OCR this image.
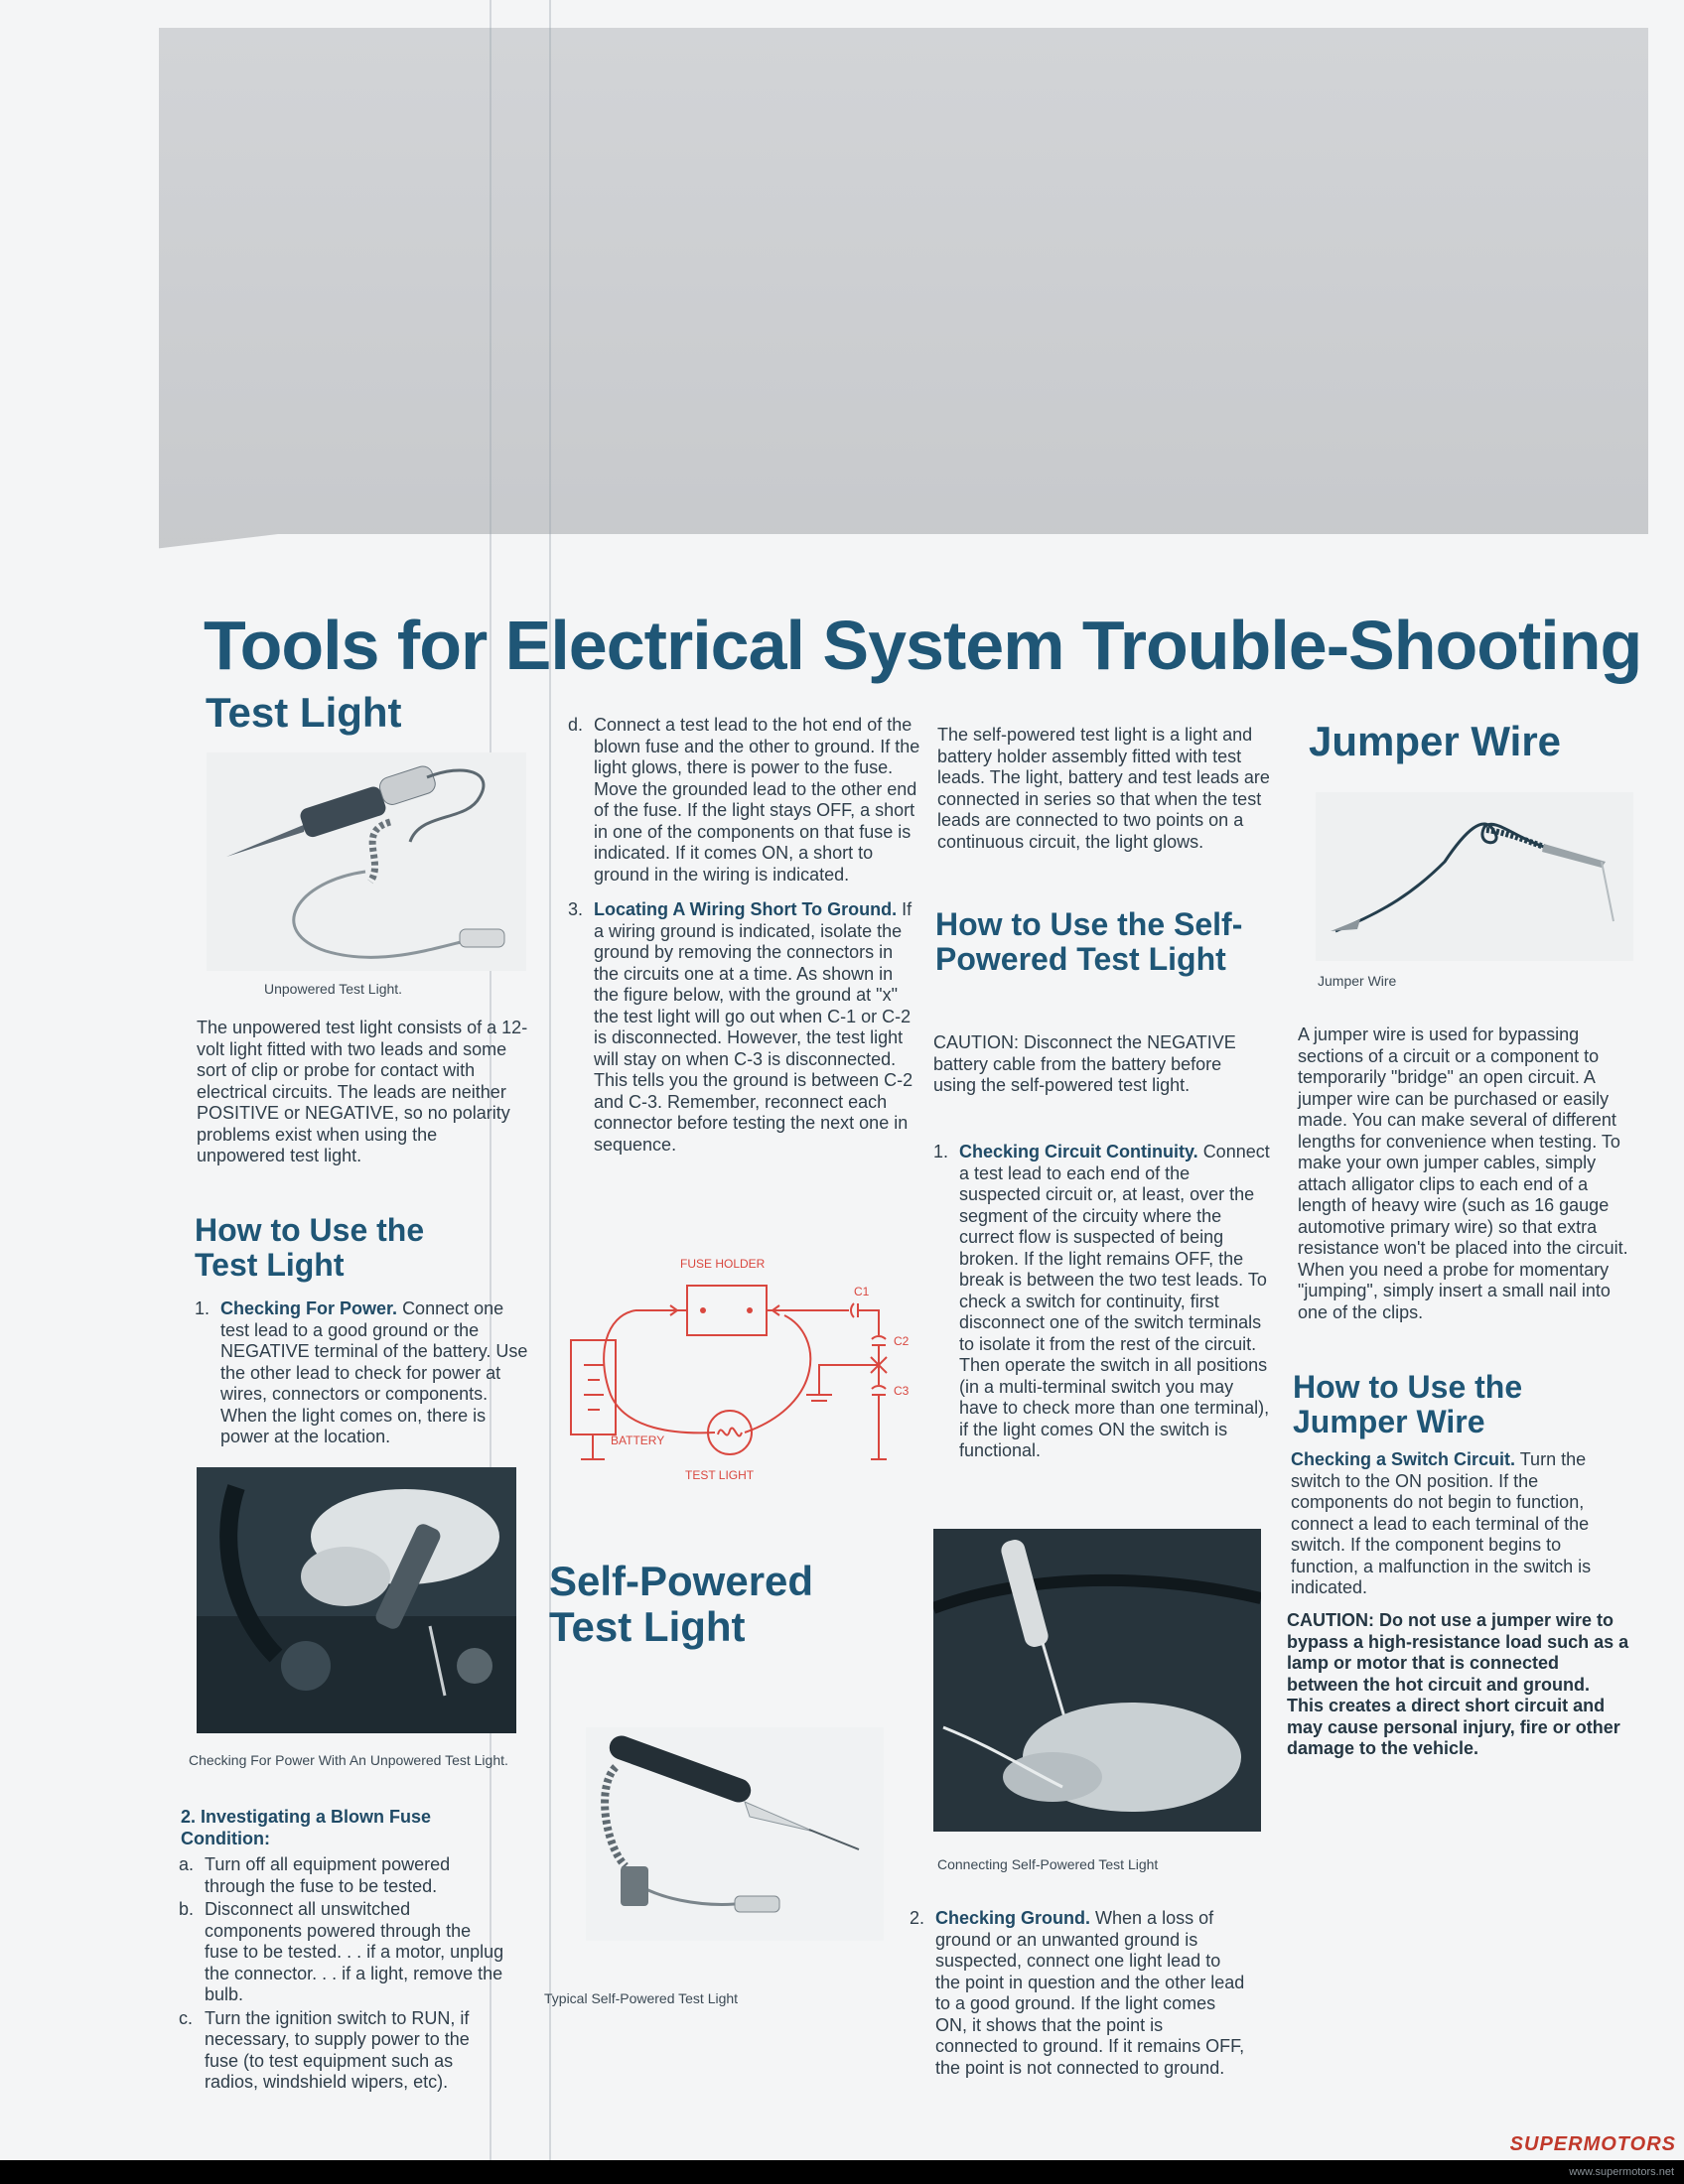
Tools for Electrical System Trouble-Shooting
Test Light

Unpowered Test Light.

The unpowered test light consists of a 12-volt light fitted with two leads and some sort of clip or probe for contact with electrical circuits. The leads are neither POSITIVE or NEGATIVE, so no polarity problems exist when using the unpowered test light.

How to Use the Test Light
1. Checking For Power. Connect one test lead to a good ground or the NEGATIVE terminal of the battery. Use the other lead to check for power at wires, connectors or components. When the light comes on, there is power at the location.

Checking For Power With An Unpowered Test Light.

2. Investigating a Blown Fuse Condition:

a. Turn off all equipment powered through the fuse to be tested.
b. Disconnect all unswitched components powered through the fuse to be tested. . . if a motor, unplug the connector. . . if a light, remove the bulb.
c. Turn the ignition switch to RUN, if necessary, to supply power to the fuse (to test equipment such as radios, windshield wipers, etc).
d. Connect a test lead to the hot end of the blown fuse and the other to ground. If the light glows, there is power to the fuse. Move the grounded lead to the other end of the fuse. If the light stays OFF, a short in one of the components on that fuse is indicated. If it comes ON, a short to ground in the wiring is indicated.
3. Locating A Wiring Short To Ground. If a wiring ground is indicated, isolate the ground by removing the connectors in the circuits one at a time. As shown in the figure below, with the ground at "x" the test light will go out when C-1 or C-2 is disconnected. However, the test light will stay on when C-3 is disconnected. This tells you the ground is between C-2 and C-3. Remember, reconnect each connector before testing the next one in sequence.
FUSE HOLDER
BATTERY
TEST LIGHT
C1
C2
C3
Self-Powered Test Light

Typical Self-Powered Test Light

The self-powered test light is a light and battery holder assembly fitted with test leads. The light, battery and test leads are connected in series so that when the test leads are connected to two points on a continuous circuit, the light glows.

How to Use the Self-Powered Test Light

CAUTION: Disconnect the NEGATIVE battery cable from the battery before using the self-powered test light.

1. Checking Circuit Continuity. Connect a test lead to each end of the suspected circuit or, at least, over the segment of the circuity where the currect flow is suspected of being broken. If the light remains OFF, the break is between the two test leads. To check a switch for continuity, first disconnect one of the switch terminals to isolate it from the rest of the circuit. Then operate the switch in all positions (in a multi-terminal switch you may have to check more than one terminal), if the light comes ON the switch is functional.

Connecting Self-Powered Test Light

2. Checking Ground. When a loss of ground or an unwanted ground is suspected, connect one light lead to the point in question and the other lead to a good ground. If the light comes ON, it shows that the point is connected to ground. If it remains OFF, the point is not connected to ground.
Jumper Wire

Jumper Wire

A jumper wire is used for bypassing sections of a circuit or a component to temporarily "bridge" an open circuit. A jumper wire can be purchased or easily made. You can make several of different lengths for convenience when testing. To make your own jumper cables, simply attach alligator clips to each end of a length of heavy wire (such as 16 gauge automotive primary wire) so that extra resistance won't be placed into the circuit. When you need a probe for momentary "jumping", simply insert a small nail into one of the clips.

How to Use the Jumper Wire

Checking a Switch Circuit. Turn the switch to the ON position. If the components do not begin to function, connect a lead to each terminal of the switch. If the component begins to function, a malfunction in the switch is indicated.

CAUTION: Do not use a jumper wire to bypass a high-resistance load such as a lamp or motor that is connected between the hot circuit and ground. This creates a direct short circuit and may cause personal injury, fire or other damage to the vehicle.

SUPERMOTORS
www.supermotors.net
